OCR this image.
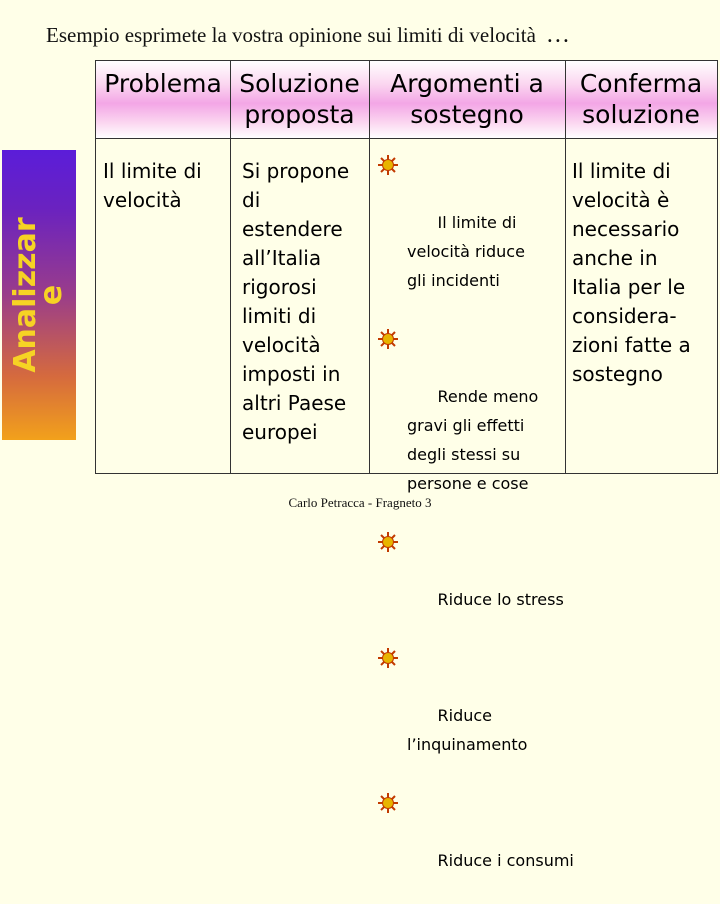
Esempio esprimete la vostra opinione sui limiti di velocità …
Analizzar
e
Problema Soluzione
proposta
Argomenti a
sostegno
Conferma
soluzione
Il limite di
velocità
Si propone
di
estendere
all’Italia
rigorosi
limiti di
velocità
imposti in
altri Paese
europei
Il limite di
velocità è
necessario
anche in
Italia per le
considera-
zioni fatte a
sostegno

Il limite di
velocità riduce
gli incidenti

Rende meno
gravi gli effetti
degli stessi su
persone e cose

Riduce lo stress

Riduce
l’inquinamento

Riduce i consumi

Carlo Petracca - Fragneto 3
